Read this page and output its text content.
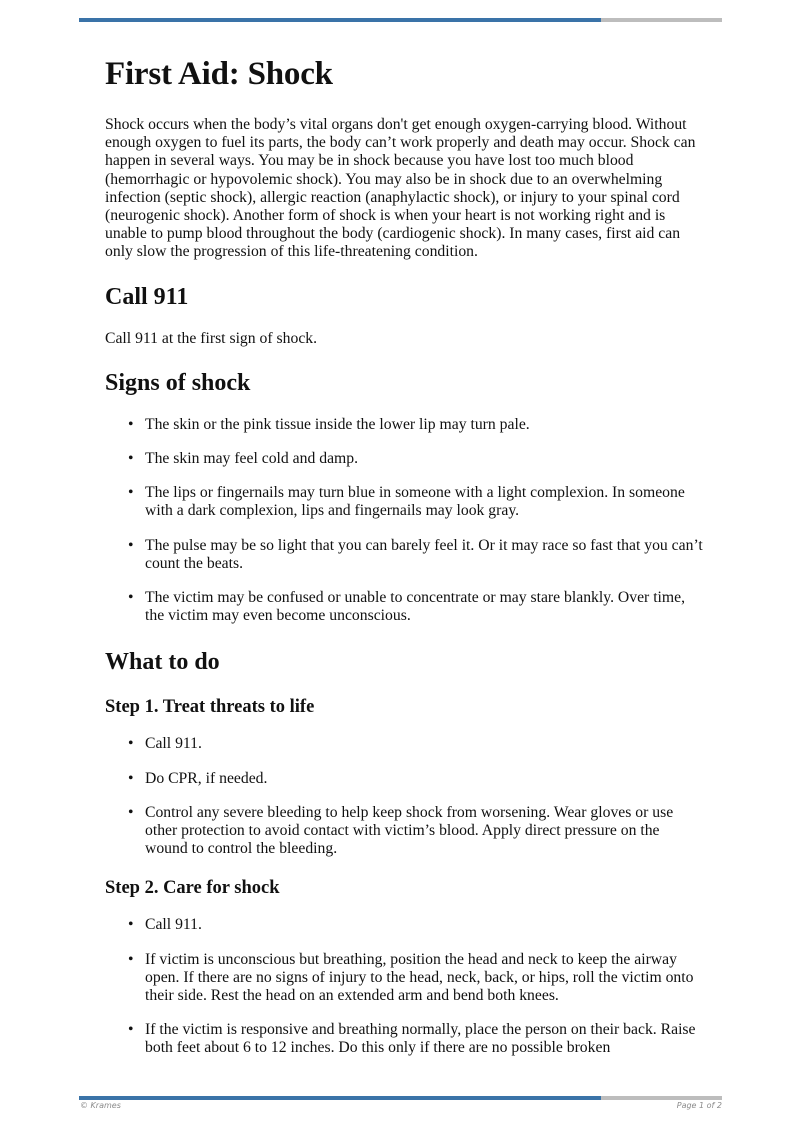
First Aid: Shock

Shock occurs when the body’s vital organs don't get enough oxygen-carrying blood. Without enough oxygen to fuel its parts, the body can’t work properly and death may occur. Shock can happen in several ways. You may be in shock because you have lost too much blood (hemorrhagic or hypovolemic shock). You may also be in shock due to an overwhelming infection (septic shock), allergic reaction (anaphylactic shock), or injury to your spinal cord (neurogenic shock). Another form of shock is when your heart is not working right and is unable to pump blood throughout the body (cardiogenic shock). In many cases, first aid can only slow the progression of this life-threatening condition.

Call 911

Call 911 at the first sign of shock.

Signs of shock
• The skin or the pink tissue inside the lower lip may turn pale.
• The skin may feel cold and damp.
• The lips or fingernails may turn blue in someone with a light complexion. In someone with a dark complexion, lips and fingernails may look gray.
• The pulse may be so light that you can barely feel it. Or it may race so fast that you can’t count the beats.
• The victim may be confused or unable to concentrate or may stare blankly. Over time, the victim may even become unconscious.
What to do
Step 1. Treat threats to life
• Call 911.
• Do CPR, if needed.
• Control any severe bleeding to help keep shock from worsening. Wear gloves or use other protection to avoid contact with victim’s blood. Apply direct pressure on the wound to control the bleeding.
Step 2. Care for shock
• Call 911.
• If victim is unconscious but breathing, position the head and neck to keep the airway open. If there are no signs of injury to the head, neck, back, or hips, roll the victim onto their side. Rest the head on an extended arm and bend both knees.
• If the victim is responsive and breathing normally, place the person on their back. Raise both feet about 6 to 12 inches. Do this only if there are no possible broken
© Krames	Page 1 of 2
